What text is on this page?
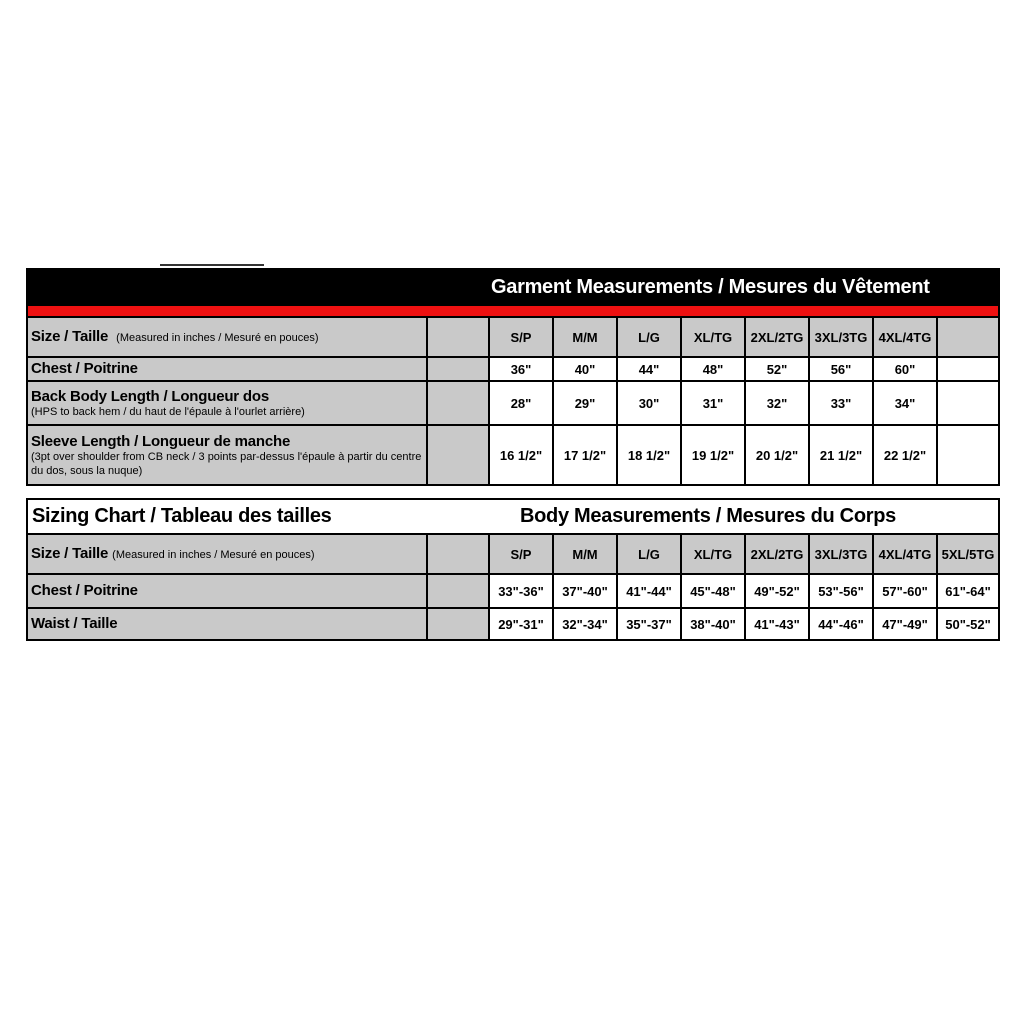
Garment Measurements / Mesures du Vêtement									

Size / Taille (Measured in inches / Mesuré en pouces)		S/P	M/M	L/G	XL/TG	2XL/2TG	3XL/3TG	4XL/4TG	
Chest / Poitrine		36"	40"	44"	48"	52"	56"	60"	

Back Body Length / Longueur dos
(HPS to back hem / du haut de l'épaule à l'ourlet arrière)		28"	29"	30"	31"	32"	33"	34"	

Sleeve Length / Longueur de manche
(3pt over shoulder from CB neck / 3 points par-dessus l'épaule à partir du centre du dos, sous la nuque)		16 1/2"	17 1/2"	18 1/2"	19 1/2"	20 1/2"	21 1/2"	22 1/2"	
Sizing Chart / Tableau des tailles Body Measurements / Mesures du Corps									

Size / Taille (Measured in inches / Mesuré en pouces)		S/P	M/M	L/G	XL/TG	2XL/2TG	3XL/3TG	4XL/4TG	5XL/5TG
Chest / Poitrine		33"-36"	37"-40"	41"-44"	45"-48"	49"-52"	53"-56"	57"-60"	61"-64"
Waist / Taille		29"-31"	32"-34"	35"-37"	38"-40"	41"-43"	44"-46"	47"-49"	50"-52"
